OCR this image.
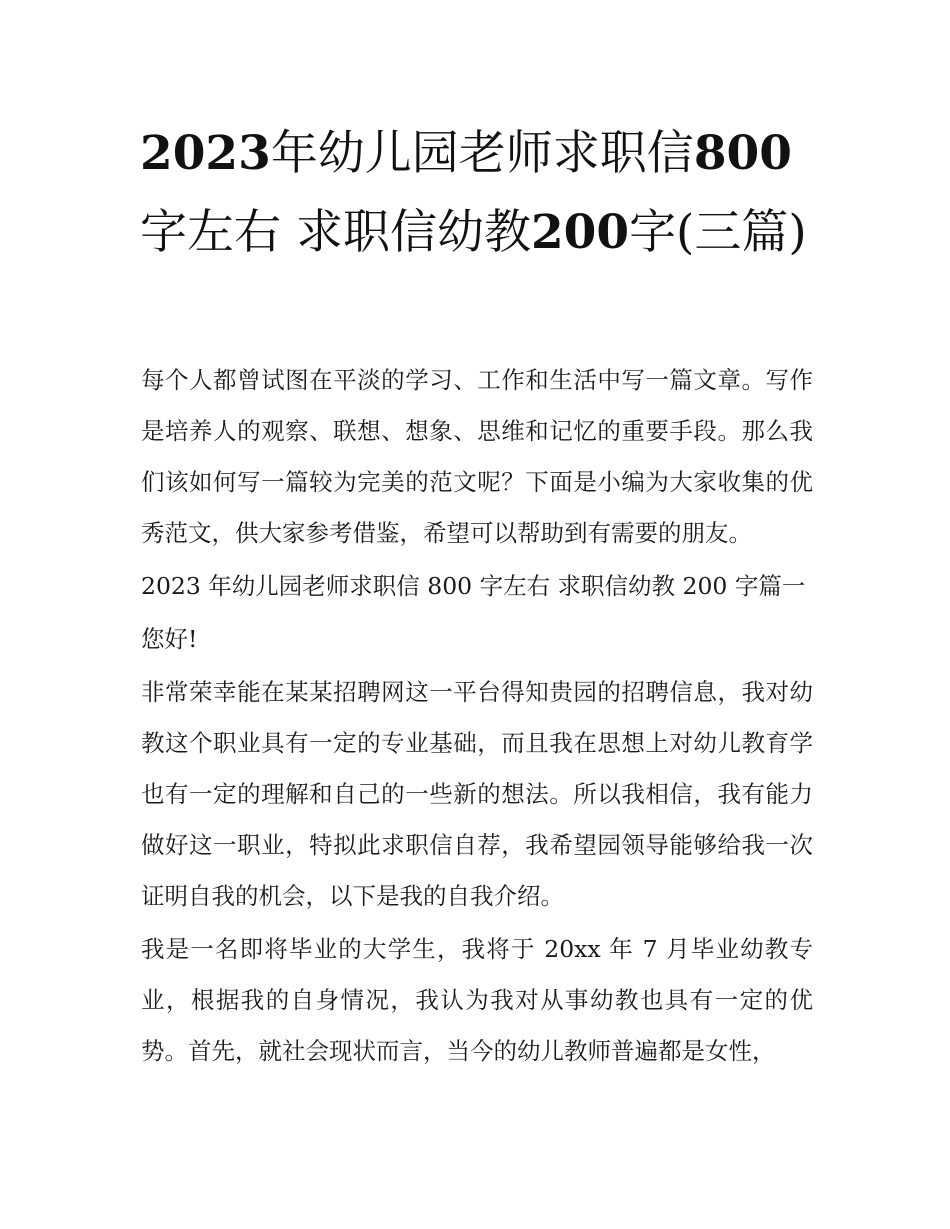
2023年幼儿园老师求职信800
字左右 求职信幼教200字(三篇)

每个人都曾试图在平淡的学习、工作和生活中写一篇文章。写作是培养人的观察、联想、想象、思维和记忆的重要手段。那么我们该如何写一篇较为完美的范文呢？下面是小编为大家收集的优秀范文，供大家参考借鉴，希望可以帮助到有需要的朋友。

2023 年幼儿园老师求职信 800 字左右 求职信幼教 200 字篇一

您好!

非常荣幸能在某某招聘网这一平台得知贵园的招聘信息，我对幼教这个职业具有一定的专业基础，而且我在思想上对幼儿教育学也有一定的理解和自己的一些新的想法。所以我相信，我有能力做好这一职业，特拟此求职信自荐，我希望园领导能够给我一次证明自我的机会，以下是我的自我介绍。

我是一名即将毕业的大学生，我将于 20xx 年 7 月毕业幼教专业，根据我的自身情况，我认为我对从事幼教也具有一定的优势。首先，就社会现状而言，当今的幼儿教师普遍都是女性，
